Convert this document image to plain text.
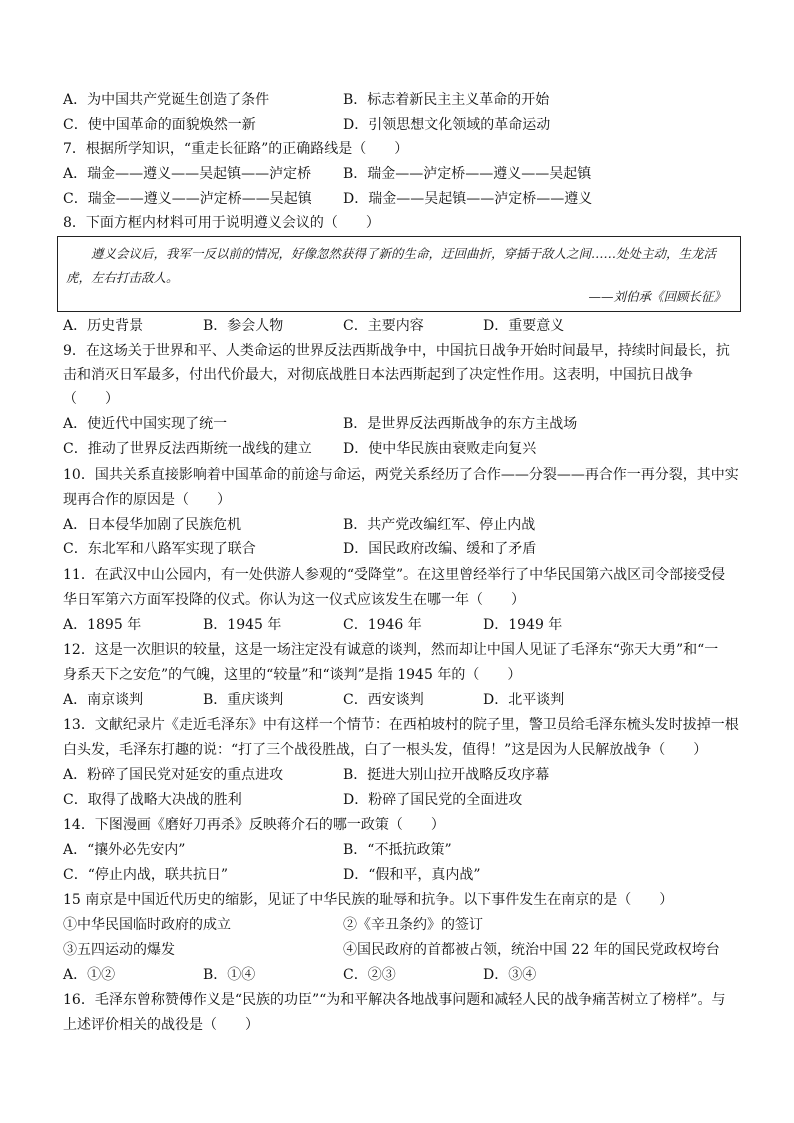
A．为中国共产党诞生创造了条件	B．标志着新民主主义革命的开始
C．使中国革命的面貌焕然一新	D．引领思想文化领域的革命运动
7．根据所学知识，“重走长征路”的正确路线是（　　）
A．瑞金——遵义——吴起镇——泸定桥 B．瑞金——泸定桥——遵义——吴起镇
C．瑞金——遵义——泸定桥——吴起镇 D．瑞金——吴起镇——泸定桥——遵义
8．下面方框内材料可用于说明遵义会议的（　　）
遵义会议后，我军一反以前的情况，好像忽然获得了新的生命，迂回曲折，穿插于敌人之间……处处主动，生龙活虎，左右打击敌人。
——刘伯承《回顾长征》
A．历史背景	B．参会人物	C．主要内容	D．重要意义
9．在这场关于世界和平、人类命运的世界反法西斯战争中，中国抗日战争开始时间最早，持续时间最长，抗
击和消灭日军最多，付出代价最大，对彻底战胜日本法西斯起到了决定性作用。这表明，中国抗日战争
（　　）
A．使近代中国实现了统一	B．是世界反法西斯战争的东方主战场
C．推动了世界反法西斯统一战线的建立 D．使中华民族由衰败走向复兴
10．国共关系直接影响着中国革命的前途与命运，两党关系经历了合作——分裂——再合作一再分裂，其中实
现再合作的原因是（　　）
A．日本侵华加剧了民族危机	B．共产党改编红军、停止内战
C．东北军和八路军实现了联合	D．国民政府改编、缓和了矛盾
11．在武汉中山公园内，有一处供游人参观的“受降堂”。在这里曾经举行了中华民国第六战区司令部接受侵
华日军第六方面军投降的仪式。你认为这一仪式应该发生在哪一年（　　）
A．1895 年	B．1945 年	C．1946 年	D．1949 年
12．这是一次胆识的较量，这是一场注定没有诚意的谈判，然而却让中国人见证了毛泽东“弥天大勇”和“一
身系天下之安危”的气魄，这里的“较量”和“谈判”是指 1945 年的（　　）
A．南京谈判	B．重庆谈判	C．西安谈判	D．北平谈判
13．文献纪录片《走近毛泽东》中有这样一个情节：在西柏坡村的院子里，警卫员给毛泽东梳头发时拔掉一根
白头发，毛泽东打趣的说：“打了三个战役胜战，白了一根头发，值得！”这是因为人民解放战争（　　）
A．粉碎了国民党对延安的重点进攻	B．挺进大别山拉开战略反攻序幕
C．取得了战略大决战的胜利	D．粉碎了国民党的全面进攻
14．下图漫画《磨好刀再杀》反映蒋介石的哪一政策（　　）
A．“攘外必先安内”	B．“不抵抗政策”
C．“停止内战，联共抗日”	D．“假和平，真内战”
15 南京是中国近代历史的缩影，见证了中华民族的耻辱和抗争。以下事件发生在南京的是（　　）
①中华民国临时政府的成立	②《辛丑条约》的签订
③五四运动的爆发	④国民政府的首都被占领，统治中国 22 年的国民党政权垮台
A．①②	B．①④	C．②③	D．③④
16．毛泽东曾称赞傅作义是“民族的功臣”“为和平解决各地战事问题和减轻人民的战争痛苦树立了榜样”。与
上述评价相关的战役是（　　）
